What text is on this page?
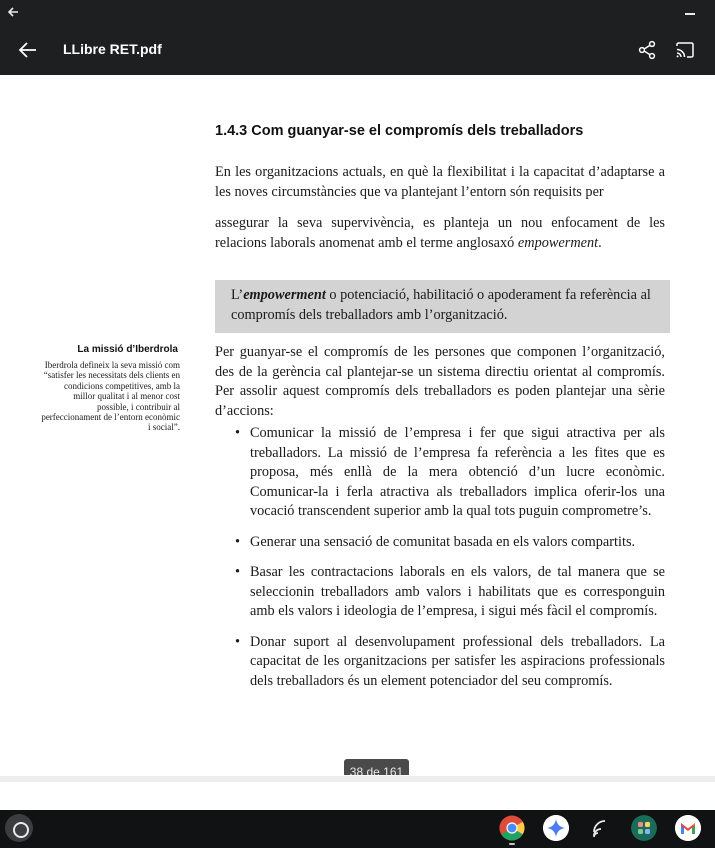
LLibre RET.pdf
1.4.3 Com guanyar-se el compromís dels treballadors

En les organitzacions actuals, en què la flexibilitat i la capacitat d’adaptarse a les noves circumstàncies que va plantejant l’entorn són requisits per

assegurar la seva supervivència, es planteja un nou enfocament de les relacions laborals anomenat amb el terme anglosaxó empowerment.

L’empowerment o potenciació, habilitació o apoderament fa referència al compromís dels treballadors amb l’organització.
La missió d’Iberdrola
Iberdrola defineix la seva missió com “satisfer les necessitats dels clients en condicions competitives, amb la millor qualitat i al menor cost possible, i contribuir al perfeccionament de l’entorn econòmic i social”.

Per guanyar-se el compromís de les persones que componen l’organització, des de la gerència cal plantejar-se un sistema directiu orientat al compromís. Per assolir aquest compromís dels treballadors es poden plantejar una sèrie d’accions:

• Comunicar la missió de l’empresa i fer que sigui atractiva per als treballadors. La missió de l’empresa fa referència a les fites que es proposa, més enllà de la mera obtenció d’un lucre econòmic. Comunicar-la i ferla atractiva als treballadors implica oferir-los una vocació transcendent superior amb la qual tots puguin comprometre’s.
• Generar una sensació de comunitat basada en els valors compartits.
• Basar les contractacions laborals en els valors, de tal manera que se seleccionin treballadors amb valors i habilitats que es corresponguin amb els valors i ideologia de l’empresa, i sigui més fàcil el compromís.
• Donar suport al desenvolupament professional dels treballadors. La capacitat de les organitzacions per satisfer les aspiracions professionals dels treballadors és un element potenciador del seu compromís.
38 de 161
